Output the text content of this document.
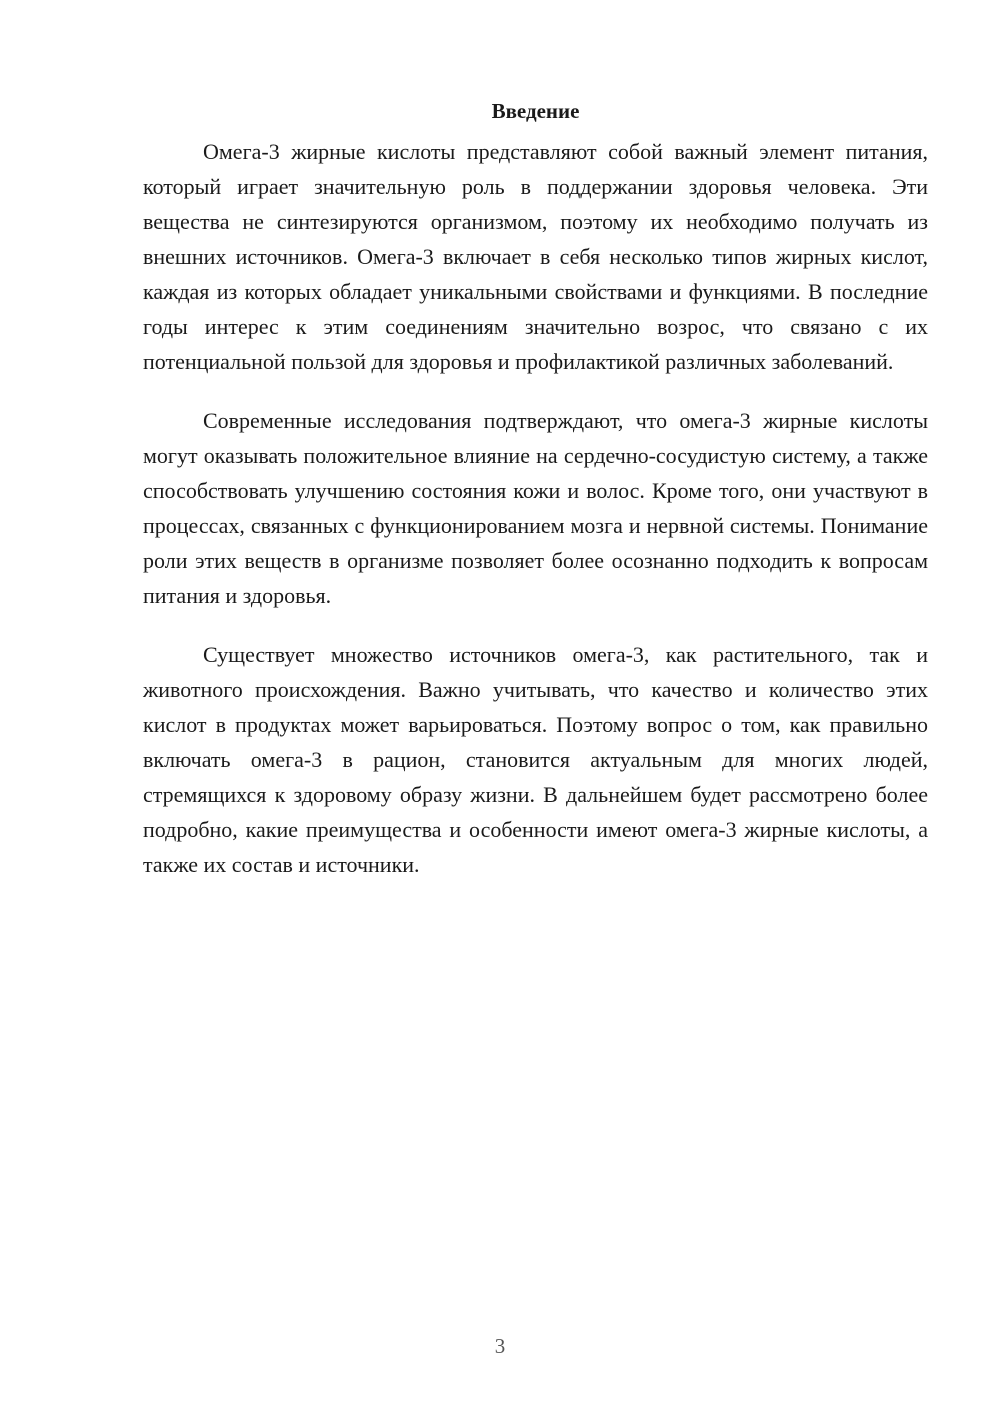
Введение

Омега-3 жирные кислоты представляют собой важный элемент питания, который играет значительную роль в поддержании здоровья человека. Эти вещества не синтезируются организмом, поэтому их необходимо получать из внешних источников. Омега-3 включает в себя несколько типов жирных кислот, каждая из которых обладает уникальными свойствами и функциями. В последние годы интерес к этим соединениям значительно возрос, что связано с их потенциальной пользой для здоровья и профилактикой различных заболеваний.

Современные исследования подтверждают, что омега-3 жирные кислоты могут оказывать положительное влияние на сердечно-сосудистую систему, а также способствовать улучшению состояния кожи и волос. Кроме того, они участвуют в процессах, связанных с функционированием мозга и нервной системы. Понимание роли этих веществ в организме позволяет более осознанно подходить к вопросам питания и здоровья.

Существует множество источников омега-3, как растительного, так и животного происхождения. Важно учитывать, что качество и количество этих кислот в продуктах может варьироваться. Поэтому вопрос о том, как правильно включать омега-3 в рацион, становится актуальным для многих людей, стремящихся к здоровому образу жизни. В дальнейшем будет рассмотрено более подробно, какие преимущества и особенности имеют омега-3 жирные кислоты, а также их состав и источники.

3
